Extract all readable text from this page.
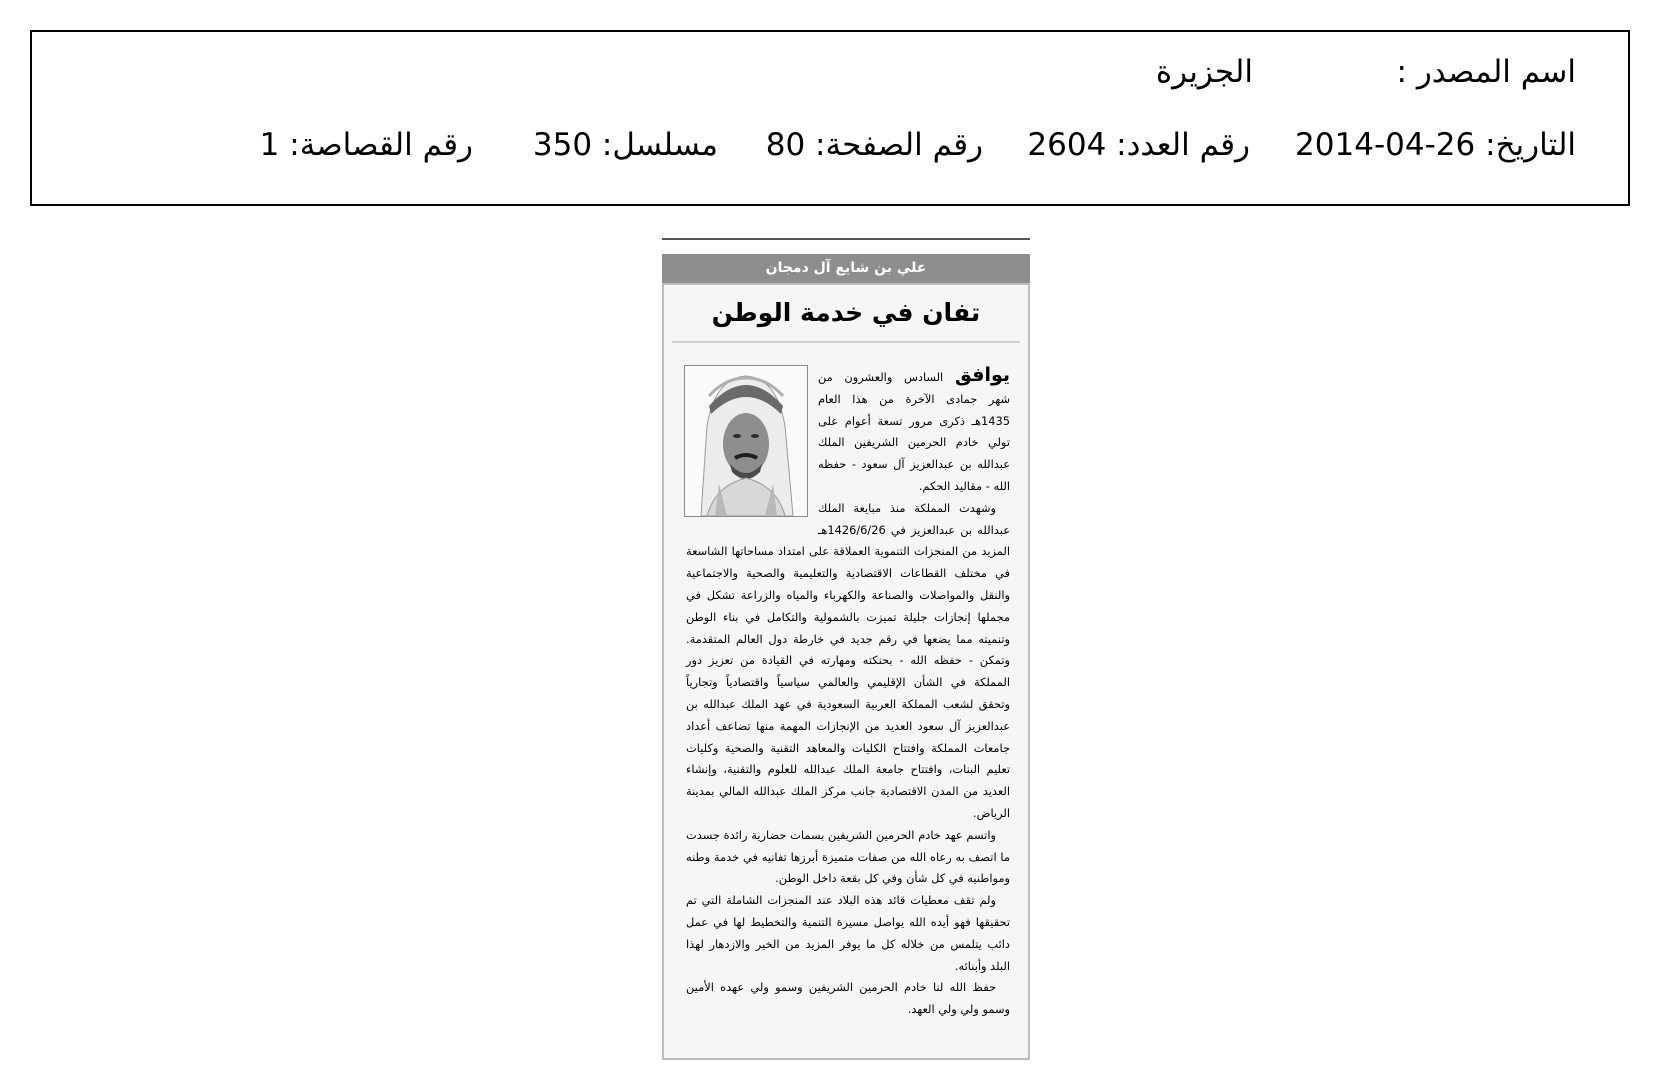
اسم المصدر :
الجزيرة
التاريخ: 26-04-2014
رقم العدد: 2604
رقم الصفحة: 80
مسلسل: 350
رقم القصاصة: 1
علي بن شايع آل دمجان
تفان في خدمة الوطن

يوافق السادس والعشرون من شهر جمادى الآخرة من هذا العام 1435هـ ذكرى مرور تسعة أعوام على تولي خادم الحرمين الشريفين الملك عبدالله بن عبدالعزيز آل سعود - حفظه الله - مقاليد الحكم.

وشهدت المملكة منذ مبايعة الملك عبدالله بن عبدالعزيز في 1426/6/26هـ المزيد من المنجزات التنموية العملاقة على امتداد مساحاتها الشاسعة في مختلف القطاعات الاقتصادية والتعليمية والصحية والاجتماعية والنقل والمواصلات والصناعة والكهرباء والمياه والزراعة تشكل في مجملها إنجازات جليلة تميزت بالشمولية والتكامل في بناء الوطن وتنميته مما يضعها في رقم جديد في خارطة دول العالم المتقدمة. وتمكن - حفظه الله - بحنكته ومهارته في القيادة من تعزيز دور المملكة في الشأن الإقليمي والعالمي سياسياً واقتصادياً وتجارياً وتحقق لشعب المملكة العربية السعودية في عهد الملك عبدالله بن عبدالعزيز آل سعود العديد من الإنجازات المهمة منها تضاعف أعداد جامعات المملكة وافتتاح الكليات والمعاهد التقنية والصحية وكليات تعليم البنات، وافتتاح جامعة الملك عبدالله للعلوم والتقنية، وإنشاء العديد من المدن الاقتصادية جانب مركز الملك عبدالله المالي بمدينة الرياض.

واتسم عهد خادم الحرمين الشريفين بسمات حضارية رائدة جسدت ما اتصف به رعاه الله من صفات متميزة أبرزها تفانيه في خدمة وطنه ومواطنيه في كل شأن وفي كل بقعة داخل الوطن.

ولم تقف معطيات قائد هذه البلاد عند المنجزات الشاملة التي تم تحقيقها فهو أيده الله يواصل مسيرة التنمية والتخطيط لها في عمل دائب يتلمس من خلاله كل ما يوفر المزيد من الخير والازدهار لهذا البلد وأبنائه.

حفظ الله لنا خادم الحرمين الشريفين وسمو ولي عهده الأمين وسمو ولي ولي العهد.
